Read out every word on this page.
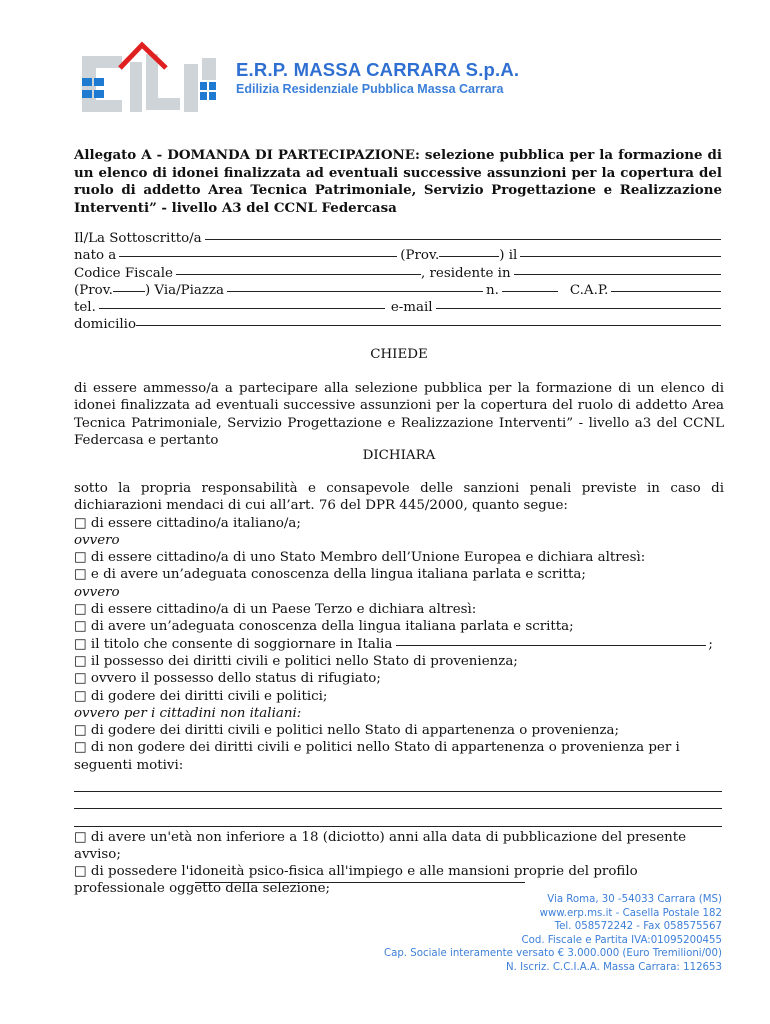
E.R.P. MASSA CARRARA S.p.A.
Edilizia Residenziale Pubblica Massa Carrara
Allegato A - DOMANDA DI PARTECIPAZIONE: selezione pubblica per la formazione di un elenco di idonei finalizzata ad eventuali successive assunzioni per la copertura del ruolo di addetto Area Tecnica Patrimoniale, Servizio Progettazione e Realizzazione Interventi” - livello A3 del CCNL Federcasa
Il/La Sottoscritto/a
nato a	(Prov.	) il
Codice Fiscale	, residente in
(Prov. ) Via/Piazza	n.	C.A.P.
tel.	e-mail
domicilio
CHIEDE
di essere ammesso/a a partecipare alla selezione pubblica per la formazione di un elenco di idonei finalizzata ad eventuali successive assunzioni per la copertura del ruolo di addetto Area Tecnica Patrimoniale, Servizio Progettazione e Realizzazione Interventi” - livello a3 del CCNL Federcasa e pertanto
DICHIARA
sotto la propria responsabilità e consapevole delle sanzioni penali previste in caso di dichiarazioni mendaci di cui all’art. 76 del DPR 445/2000, quanto segue:
□ di essere cittadino/a italiano/a;
ovvero
□ di essere cittadino/a di uno Stato Membro dell’Unione Europea e dichiara altresì:
□ e di avere un’adeguata conoscenza della lingua italiana parlata e scritta;
ovvero
□ di essere cittadino/a di un Paese Terzo e dichiara altresì:
□ di avere un’adeguata conoscenza della lingua italiana parlata e scritta;
□ il titolo che consente di soggiornare in Italia	;
□ il possesso dei diritti civili e politici nello Stato di provenienza;
□ ovvero il possesso dello status di rifugiato;
□ di godere dei diritti civili e politici;
ovvero per i cittadini non italiani:
□ di godere dei diritti civili e politici nello Stato di appartenenza o provenienza;
□ di non godere dei diritti civili e politici nello Stato di appartenenza o provenienza per i seguenti motivi:
□ di avere un'età non inferiore a 18 (diciotto) anni alla data di pubblicazione del presente avviso;
□ di possedere l'idoneità psico-fisica all'impiego e alle mansioni proprie del profilo professionale oggetto della selezione;
Via Roma, 30 -54033 Carrara (MS)
www.erp.ms.it - Casella Postale 182
Tel. 058572242 - Fax 058575567
Cod. Fiscale e Partita IVA:01095200455
Cap. Sociale interamente versato € 3.000.000 (Euro Tremilioni/00)
N. Iscriz. C.C.I.A.A. Massa Carrara: 112653
